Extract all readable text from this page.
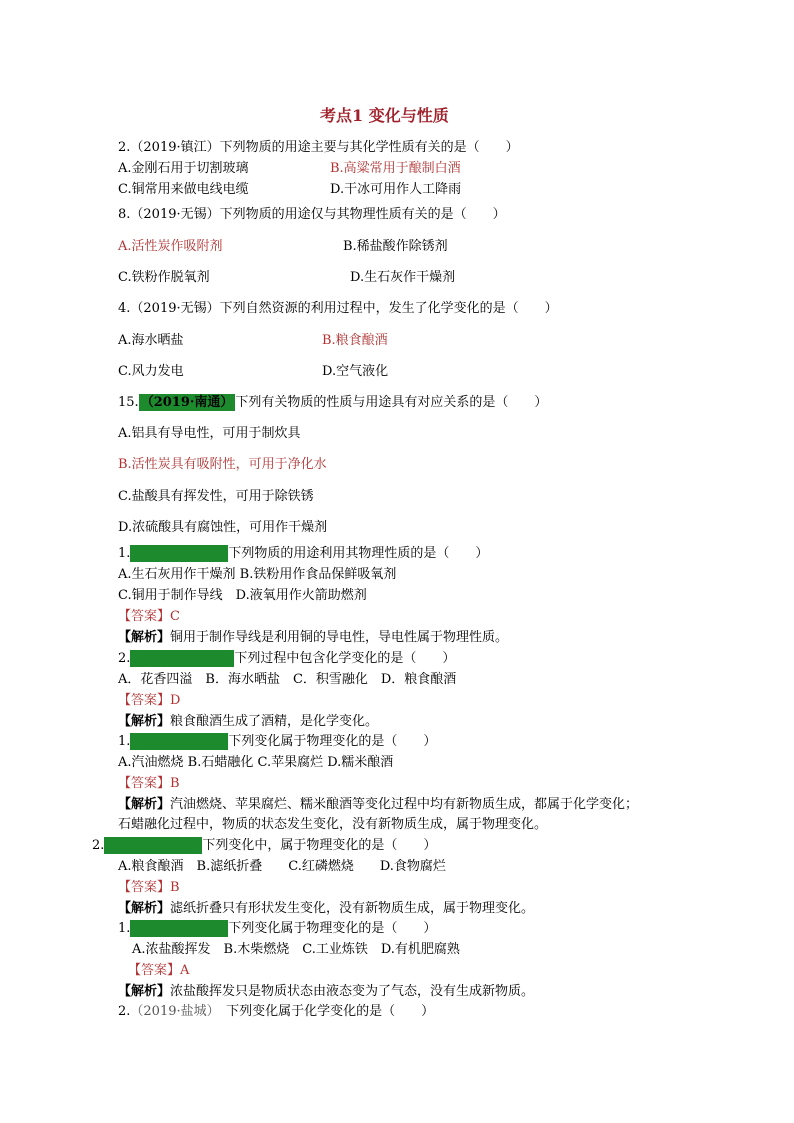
考点1 变化与性质
2.（2019·镇江）下列物质的用途主要与其化学性质有关的是（　　）
A.金刚石用于切割玻璃	B.高粱常用于酿制白酒
C.铜常用来做电线电缆	D.干冰可用作人工降雨
8.（2019·无锡）下列物质的用途仅与其物理性质有关的是（　　）
A.活性炭作吸附剂	B.稀盐酸作除锈剂
C.铁粉作脱氧剂	D.生石灰作干燥剂
4.（2019·无锡）下列自然资源的利用过程中，发生了化学变化的是（　　）
A.海水晒盐	B.粮食酿酒
C.风力发电	D.空气液化
15. （2019·南通） 下列有关物质的性质与用途具有对应关系的是（　　）
A.铝具有导电性，可用于制炊具
B.活性炭具有吸附性，可用于净化水
C.盐酸具有挥发性，可用于除铁锈
D.浓硫酸具有腐蚀性，可用作干燥剂
1.	下列物质的用途利用其物理性质的是（　　）
A.生石灰用作干燥剂 B.铁粉用作食品保鲜吸氧剂
C.铜用于制作导线　D.液氧用作火箭助燃剂
【答案】C
【解析】铜用于制作导线是利用铜的导电性，导电性属于物理性质。
2.	下列过程中包含化学变化的是（　　）
A．花香四溢　B．海水晒盐　C．积雪融化　D．粮食酿酒
【答案】D
【解析】粮食酿酒生成了酒精，是化学变化。
1.	下列变化属于物理变化的是（　　）
A.汽油燃烧 B.石蜡融化 C.苹果腐烂 D.糯米酿酒
【答案】B
【解析】汽油燃烧、苹果腐烂、糯米酿酒等变化过程中均有新物质生成，都属于化学变化；
石蜡融化过程中，物质的状态发生变化，没有新物质生成，属于物理变化。
2.	下列变化中，属于物理变化的是（　　）
A.粮食酿酒　B.滤纸折叠　　C.红磷燃烧　　D.食物腐烂
【答案】B
【解析】滤纸折叠只有形状发生变化，没有新物质生成，属于物理变化。
1.	下列变化属于物理变化的是（　　）
A.浓盐酸挥发　B.木柴燃烧　C.工业炼铁　D.有机肥腐熟
【答案】A
【解析】浓盐酸挥发只是物质状态由液态变为了气态，没有生成新物质。
2.（2019·盐城）　下列变化属于化学变化的是（　　）
